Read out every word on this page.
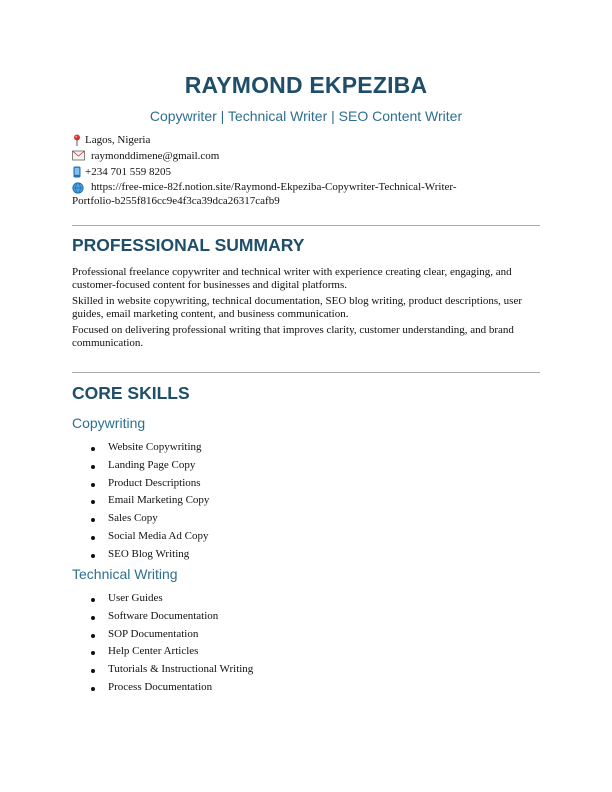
RAYMOND EKPEZIBA
Copywriter | Technical Writer | SEO Content Writer
Lagos, Nigeria
raymonddimene@gmail.com
+234 701 559 8205
https://free-mice-82f.notion.site/Raymond-Ekpeziba-Copywriter-Technical-Writer-
Portfolio-b255f816cc9e4f3ca39dca26317cafb9
PROFESSIONAL SUMMARY

Professional freelance copywriter and technical writer with experience creating clear, engaging, and customer-focused content for businesses and digital platforms.

Skilled in website copywriting, technical documentation, SEO blog writing, product descriptions, user guides, email marketing content, and business communication.

Focused on delivering professional writing that improves clarity, customer understanding, and brand communication.

CORE SKILLS
Copywriting
Website Copywriting
Landing Page Copy
Product Descriptions
Email Marketing Copy
Sales Copy
Social Media Ad Copy
SEO Blog Writing
Technical Writing
User Guides
Software Documentation
SOP Documentation
Help Center Articles
Tutorials & Instructional Writing
Process Documentation
